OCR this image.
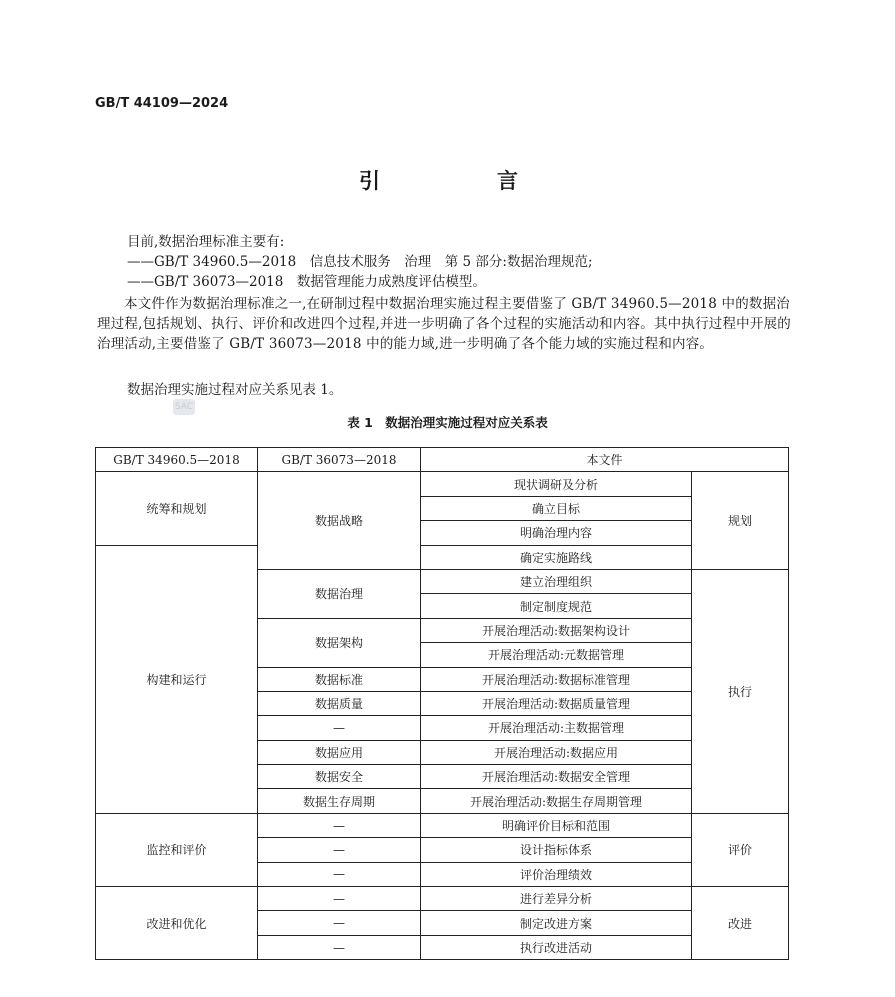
GB/T 44109—2024
引　言
目前,数据治理标准主要有:
——GB/T 34960.5—2018　信息技术服务　治理　第 5 部分:数据治理规范;
——GB/T 36073—2018　数据管理能力成熟度评估模型。
本文件作为数据治理标准之一,在研制过程中数据治理实施过程主要借鉴了 GB/T 34960.5—2018 中的数据治理过程,包括规划、执行、评价和改进四个过程,并进一步明确了各个过程的实施活动和内容。其中执行过程中开展的治理活动,主要借鉴了 GB/T 36073—2018 中的能力域,进一步明确了各个能力域的实施过程和内容。
数据治理实施过程对应关系见表 1。
SAC
表 1　数据治理实施过程对应关系表
GB/T 34960.5—2018	GB/T 36073—2018	本文件	
统筹和规划	数据战略	现状调研及分析	规划
		确立目标	
		明确治理内容	
构建和运行		确定实施路线	
	数据治理	建立治理组织	执行
		制定制度规范	
	数据架构	开展治理活动:数据架构设计	
		开展治理活动:元数据管理	
	数据标准	开展治理活动:数据标准管理	
	数据质量	开展治理活动:数据质量管理	
	—	开展治理活动:主数据管理	
	数据应用	开展治理活动:数据应用	
	数据安全	开展治理活动:数据安全管理	
	数据生存周期	开展治理活动:数据生存周期管理	
监控和评价	—	明确评价目标和范围	评价
	—	设计指标体系	
	—	评价治理绩效	
改进和优化	—	进行差异分析	改进
	—	制定改进方案	
	—	执行改进活动	
